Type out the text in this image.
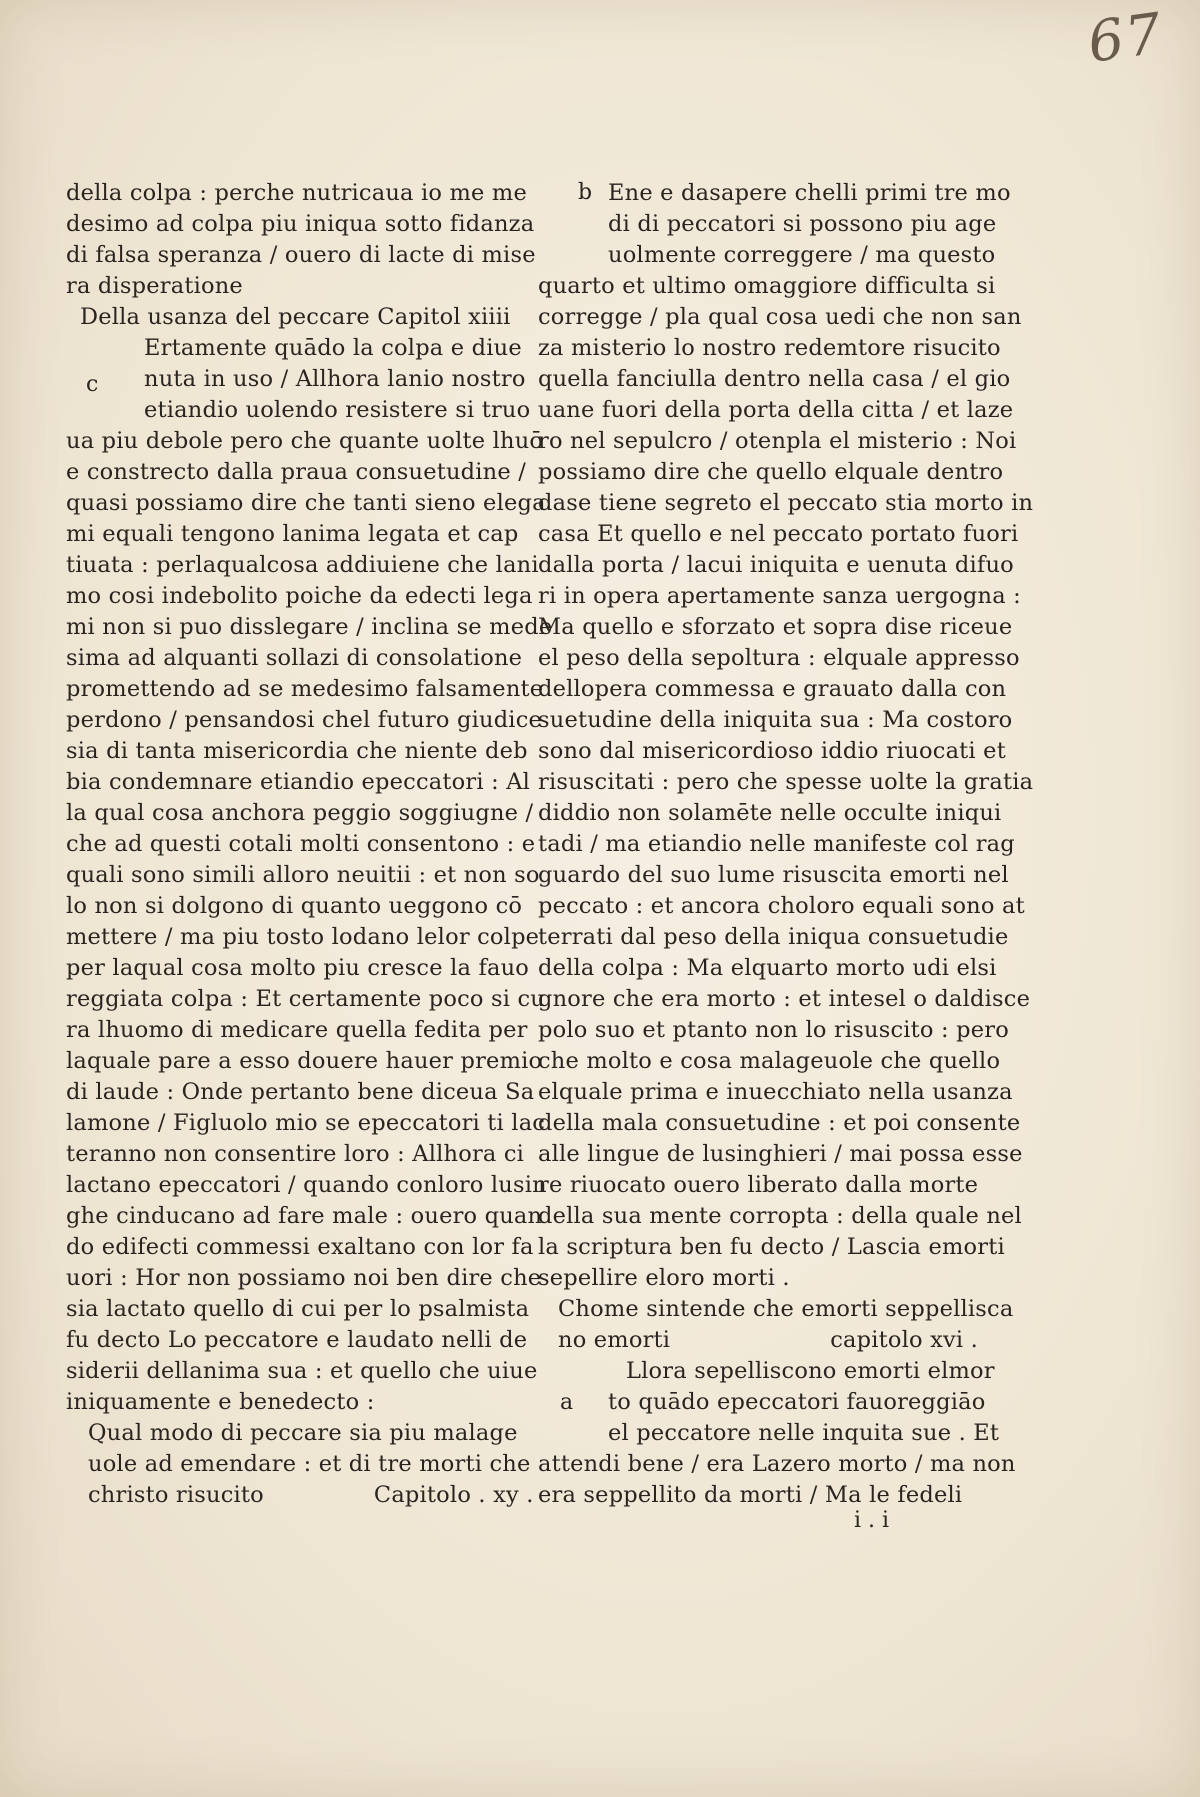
67
della colpa : perche nutricaua io me me
desimo ad colpa piu iniqua sotto fidanza
di falsa speranza / ouero di lacte di mise
ra disperatione
Della usanza del peccare Capitol xiiii
Ertamente quādo la colpa e diue
nuta in uso / Allhora lanio nostro
etiandio uolendo resistere si truo
ua piu debole pero che quante uolte lhuō
e constrecto dalla praua consuetudine /
quasi possiamo dire che tanti sieno elega
mi equali tengono lanima legata et cap
tiuata : perlaqualcosa addiuiene che lani
mo cosi indebolito poiche da edecti lega
mi non si puo disslegare / inclina se mede
sima ad alquanti sollazi di consolatione
promettendo ad se medesimo falsamente
perdono / pensandosi chel futuro giudice
sia di tanta misericordia che niente deb
bia condemnare etiandio epeccatori : Al
la qual cosa anchora peggio soggiugne /
che ad questi cotali molti consentono : e
quali sono simili alloro neuitii : et non so
lo non si dolgono di quanto ueggono cō
mettere / ma piu tosto lodano lelor colpe
per laqual cosa molto piu cresce la fauo
reggiata colpa : Et certamente poco si cu
ra lhuomo di medicare quella fedita per
laquale pare a esso douere hauer premio
di laude : Onde pertanto bene diceua Sa
lamone / Figluolo mio se epeccatori ti lac
teranno non consentire loro : Allhora ci
lactano epeccatori / quando conloro lusin
ghe cinducano ad fare male : ouero quan
do edifecti commessi exaltano con lor fa
uori : Hor non possiamo noi ben dire che
sia lactato quello di cui per lo psalmista
fu decto Lo peccatore e laudato nelli de
siderii dellanima sua : et quello che uiue
iniquamente e benedecto :
Qual modo di peccare sia piu malage
uole ad emendare : et di tre morti che
christo risucito	Capitolo . xy .
c
Ene e dasapere chelli primi tre mo
di di peccatori si possono piu age
uolmente correggere / ma questo
quarto et ultimo omaggiore difficulta si
corregge / pla qual cosa uedi che non san
za misterio lo nostro redemtore risucito
quella fanciulla dentro nella casa / el gio
uane fuori della porta della citta / et laze
ro nel sepulcro / otenpla el misterio : Noi
possiamo dire che quello elquale dentro
dase tiene segreto el peccato stia morto in
casa Et quello e nel peccato portato fuori
dalla porta / lacui iniquita e uenuta difuo
ri in opera apertamente sanza uergogna :
Ma quello e sforzato et sopra dise riceue
el peso della sepoltura : elquale appresso
dellopera commessa e grauato dalla con
suetudine della iniquita sua : Ma costoro
sono dal misericordioso iddio riuocati et
risuscitati : pero che spesse uolte la gratia
diddio non solamēte nelle occulte iniqui
tadi / ma etiandio nelle manifeste col rag
guardo del suo lume risuscita emorti nel
peccato : et ancora choloro equali sono at
terrati dal peso della iniqua consuetudie
della colpa : Ma elquarto morto udi elsi
gnore che era morto : et intesel o daldisce
polo suo et ptanto non lo risuscito : pero
che molto e cosa malageuole che quello
elquale prima e inuecchiato nella usanza
della mala consuetudine : et poi consente
alle lingue de lusinghieri / mai possa esse
re riuocato ouero liberato dalla morte
della sua mente corropta : della quale nel
la scriptura ben fu decto / Lascia emorti
sepellire eloro morti .
Chome sintende che emorti seppellisca
no emorti	capitolo xvi .
Llora sepelliscono emorti elmor
to quādo epeccatori fauoreggiāo
el peccatore nelle inquita sue . Et
attendi bene / era Lazero morto / ma non
era seppellito da morti / Ma le fedeli
b
a
i . i
